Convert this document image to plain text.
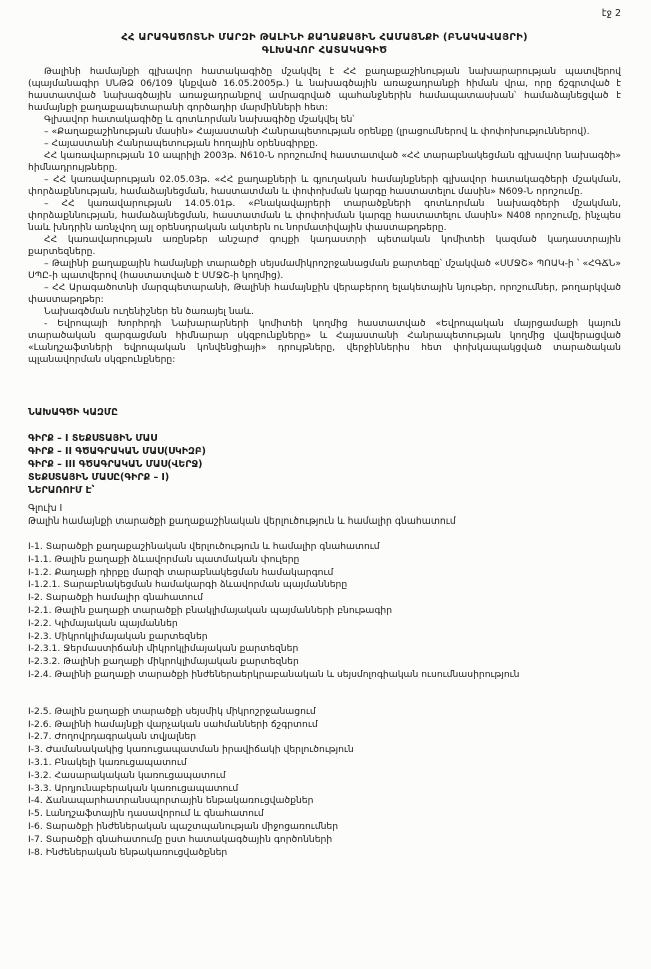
էջ 2
ՀՀ ԱՐԱԳԱԾՈՏՆԻ ՄԱՐԶԻ ԹԱԼԻՆԻ ՔԱՂԱՔԱՅԻՆ ՀԱՄԱՅՆՔԻ (ԲՆԱԿԱՎԱՅՐԻ)
ԳԼԽԱՎՈՐ ՀԱՏԱԿԱԳԻԾ

Թալինի համայնքի գլխավոր հատակագիծը մշակվել է ՀՀ քաղաքաշինության նախարարության պատվերով (պայմանագիր ՍՆԹՁ 06/109 կնքված 16.05.2005թ.) և նախագծային առաջադրանքի հիման վրա, որը ճշգրտված է հաստատված նախագծային առաջադրանքով ամրագրված պահանջներին համապատասխան՝ համաձայնեցված է համայնքի քաղաքապետարանի գործադիր մարմինների հետ:

Գլխավոր հատակագիծը և գոտևորման նախագիծը մշակվել են՝

– «Քաղաքաշինության մասին» Հայաստանի Հանրապետության օրենքը (լրացումներով և փոփոխություններով).

– Հայաստանի Հանրապետության հողային օրենսգիրքը.

ՀՀ կառավարության 10 ապրիլի 2003թ. N610-Ն որոշումով հաստատված «ՀՀ տարաբնակեցման գլխավոր նախագծի» հիմնադրույթները.

– ՀՀ կառավարության 02.05.03թ. «ՀՀ քաղաքների և գյուղական համայնքների գլխավոր հատակագծերի մշակման, փորձաքննության, համաձայնեցման, հաստատման և փոփոխման կարգը հաստատելու մասին» N609-Ն որոշումը.

– ՀՀ կառավարության 14.05.01թ. «Բնակավայրերի տարածքների գոտևորման նախագծերի մշակման, փորձաքննության, համաձայնեցման, հաստատման և փոփոխման կարգը հաստատելու մասին» N408 որոշումը, ինչպես նաև խնդրին առնչվող այլ օրենսդրական ակտերն ու նորմատիվային փաստաթղթերը.

ՀՀ կառավարության առընթեր անշարժ գույքի կադաստրի պետական կոմիտեի կազմած կադաստրային քարտեզները.

– Թալինի քաղաքային համայնքի տարածքի սեյսմամիկրոշրջանացման քարտեզը՝ մշակված «ՍՄՋՇ» ՊՈԱԿ-ի ՝ «ՀԳՃՆ» ՍՊԸ-ի պատվերով (հաստատված է ՍՄՋՇ-ի կողմից).

– ՀՀ Արագածոտնի մարզպետարանի, Թալինի համայնքին վերաբերող ելակետային նյութեր, որոշումներ, թողարկված փաստաթղթեր:

Նախագծման ուղենիշներ են ծառայել նաև.

- Եվրոպայի Խորհրդի Նախարարների կոմիտեի կողմից հաստատված «Եվրոպական մայրցամաքի կայուն տարածական զարգացման հիմնարար սկզբունքները» և Հայաստանի Հանրապետության կողմից վավերացված «Լանդշաֆտների եվրոպական կոնվենցիայի» դրույթները, վերջիններիս հետ փոխկապակցված տարածական պլանավորման սկզբունքները:

ՆԱԽԱԳԾԻ ԿԱԶՄԸ
ԳԻՐՔ – I ՏԵՔՍՏԱՅԻՆ ՄԱՍ
ԳԻՐՔ – II ԳԾԱԳՐԱԿԱՆ ՄԱՍ(ՍԿԻԶԲ)
ԳԻՐՔ – III ԳԾԱԳՐԱԿԱՆ ՄԱՍ(ՎԵՐՋ)
ՏԵՔՍՏԱՅԻՆ ՄԱՍԸ(ԳԻՐՔ – I)
ՆԵՐԱՌՈՒՄ Է՝
Գլուխ I
Թալին համայնքի տարածքի քաղաքաշինական վերլուծություն և համալիր գնահատում
I-1. Տարածքի քաղաքաշինական վերլուծություն և համալիր գնահատում
I-1.1. Թալին քաղաքի ձևավորման պատմական փուլերը
I-1.2. Քաղաքի դիրքը մարզի տարաբնակեցման համակարգում
I-1.2.1. Տարաբնակեցման համակարգի ձևավորման պայմանները
I-2. Տարածքի համալիր գնահատում
I-2.1. Թալին քաղաքի տարածքի բնակլիմայական պայմանների բնութագիր
I-2.2. Կլիմայական պայմաններ
I-2.3. Միկրոկլիմայական քարտեզներ
I-2.3.1. Ջերմաստիճանի միկրոկլիմայական քարտեզներ
I-2.3.2. Թալինի քաղաքի միկրոկլիմայական քարտեզներ
I-2.4. Թալինի քաղաքի տարածքի ինժեներաերկրաբանական և սեյսմոլոգիական ուսումնասիրություն
I-2.5. Թալին քաղաքի տարածքի սեյսմիկ միկրոշրջանացում
I-2.6. Թալինի համայնքի վարչական սահմանների ճշգրտում
I-2.7. Ժողովրդագրական տվյալներ
I-3. Ժամանակակից կառուցապատման իրավիճակի վերլուծություն
I-3.1. Բնակելի կառուցապատում
I-3.2. Հասարակական կառուցապատում
I-3.3. Արդյունաբերական կառուցապատում
I-4. Ճանապարհատրանսպորտային ենթակառուցվածքներ
I-5. Լանդշաֆտային դասավորում և գնահատում
I-6. Տարածքի ինժեներական պաշտպանության միջոցառումներ
I-7. Տարածքի գնահատումը ըստ հատակագծային գործոնների
I-8. Ինժեներական ենթակառուցվածքներ
